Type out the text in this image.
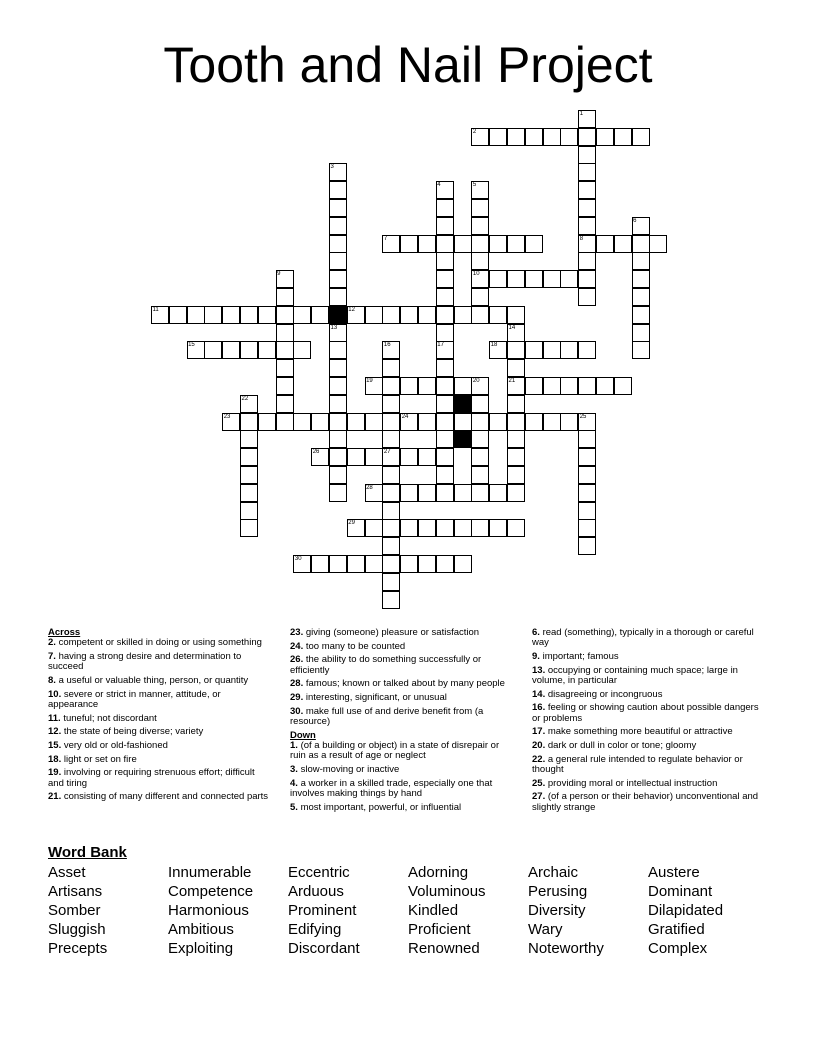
Tooth and Nail Project
1
2
3
4	5
6
7	8
9	10
11	12
13	14
15	16	17	18
19	20	21
22
23	24	25
26	27
28
29
30
Across
2. competent or skilled in doing or using something
7. having a strong desire and determination to succeed
8. a useful or valuable thing, person, or quantity
10. severe or strict in manner, attitude, or appearance
11. tuneful; not discordant
12. the state of being diverse; variety
15. very old or old-fashioned
18. light or set on fire
19. involving or requiring strenuous effort; difficult and tiring
21. consisting of many different and connected parts
23. giving (someone) pleasure or satisfaction
24. too many to be counted
26. the ability to do something successfully or efficiently
28. famous; known or talked about by many people
29. interesting, significant, or unusual
30. make full use of and derive benefit from (a resource)
Down
1. (of a building or object) in a state of disrepair or ruin as a result of age or neglect
3. slow-moving or inactive
4. a worker in a skilled trade, especially one that involves making things by hand
5. most important, powerful, or influential
6. read (something), typically in a thorough or careful way
9. important; famous
13. occupying or containing much space; large in volume, in particular
14. disagreeing or incongruous
16. feeling or showing caution about possible dangers or problems
17. make something more beautiful or attractive
20. dark or dull in color or tone; gloomy
22. a general rule intended to regulate behavior or thought
25. providing moral or intellectual instruction
27. (of a person or their behavior) unconventional and slightly strange
Word Bank
Asset
Artisans
Somber
Sluggish
Precepts
Innumerable
Competence
Harmonious
Ambitious
Exploiting
Eccentric
Arduous
Prominent
Edifying
Discordant
Adorning
Voluminous
Kindled
Proficient
Renowned
Archaic
Perusing
Diversity
Wary
Noteworthy
Austere
Dominant
Dilapidated
Gratified
Complex
